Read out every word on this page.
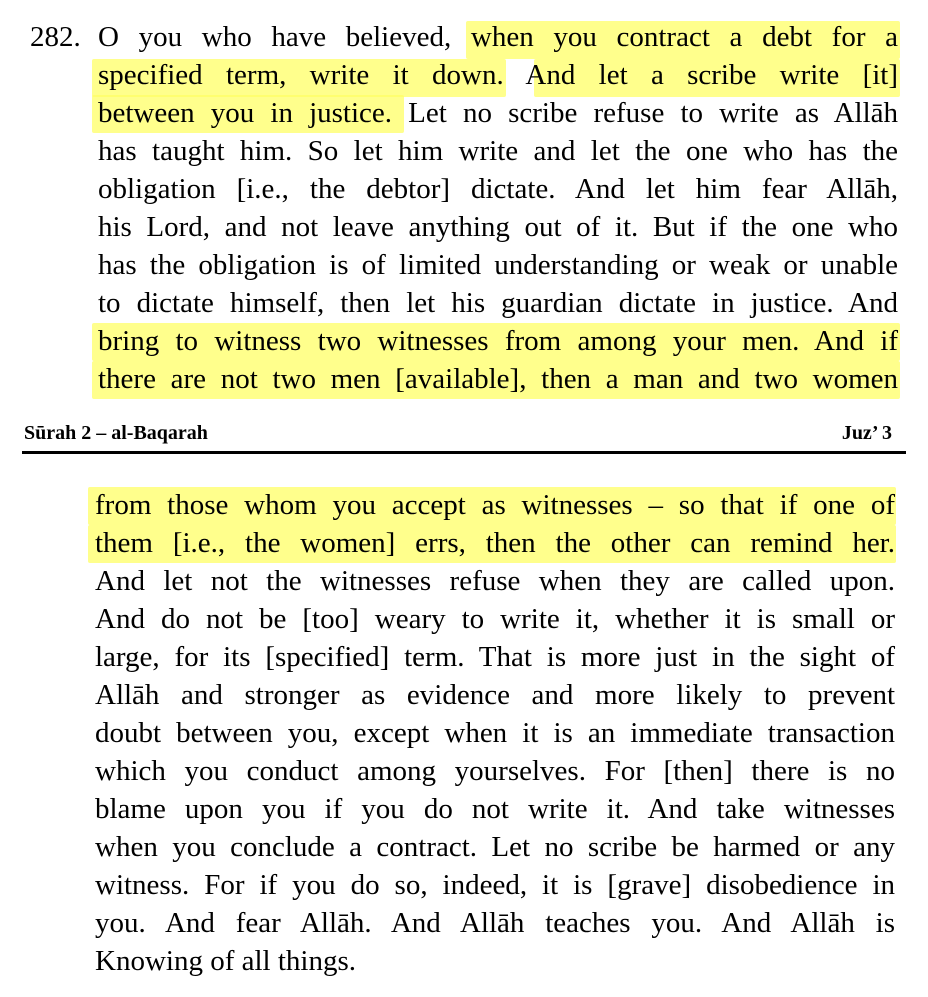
282. O you who have believed, when you contract a debt for a
specified term, write it down. And let a scribe write [it]
between you in justice. Let no scribe refuse to write as Allāh
has taught him. So let him write and let the one who has the
obligation [i.e., the debtor] dictate. And let him fear Allāh,
his Lord, and not leave anything out of it. But if the one who
has the obligation is of limited understanding or weak or unable
to dictate himself, then let his guardian dictate in justice. And
bring to witness two witnesses from among your men. And if
there are not two men [available], then a man and two women
Sūrah 2 – al-Baqarah	Juz’ 3
from those whom you accept as witnesses – so that if one of
them [i.e., the women] errs, then the other can remind her.
And let not the witnesses refuse when they are called upon.
And do not be [too] weary to write it, whether it is small or
large, for its [specified] term. That is more just in the sight of
Allāh and stronger as evidence and more likely to prevent
doubt between you, except when it is an immediate transaction
which you conduct among yourselves. For [then] there is no
blame upon you if you do not write it. And take witnesses
when you conclude a contract. Let no scribe be harmed or any
witness. For if you do so, indeed, it is [grave] disobedience in
you. And fear Allāh. And Allāh teaches you. And Allāh is
Knowing of all things.
